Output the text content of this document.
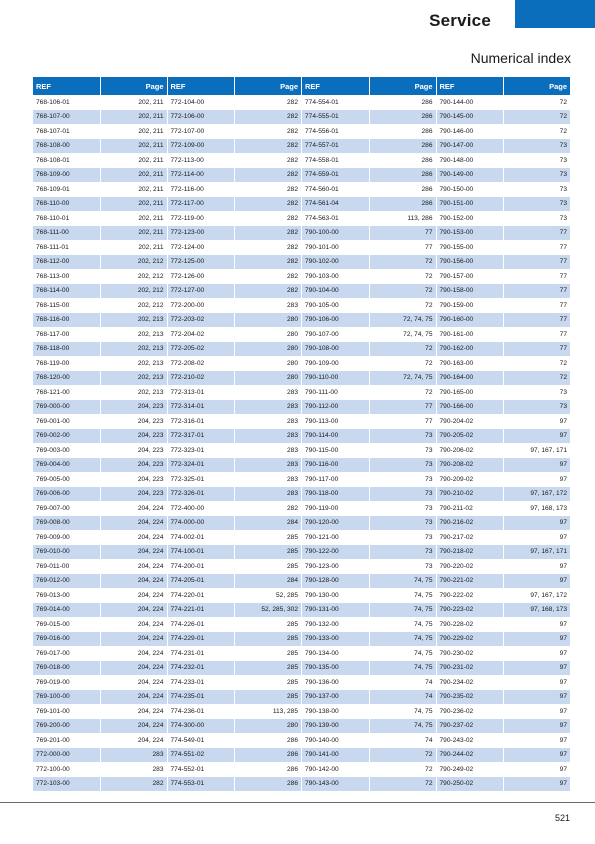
Service
Numerical index
REF	Page
768-106-01	202, 211
768-107-00	202, 211
768-107-01	202, 211
768-108-00	202, 211
768-108-01	202, 211
768-109-00	202, 211
768-109-01	202, 211
768-110-00	202, 211
768-110-01	202, 211
768-111-00	202, 211
768-111-01	202, 211
768-112-00	202, 212
768-113-00	202, 212
768-114-00	202, 212
768-115-00	202, 212
768-116-00	202, 213
768-117-00	202, 213
768-118-00	202, 213
768-119-00	202, 213
768-120-00	202, 213
768-121-00	202, 213
769-000-00	204, 223
769-001-00	204, 223
769-002-00	204, 223
769-003-00	204, 223
769-004-00	204, 223
769-005-00	204, 223
769-006-00	204, 223
769-007-00	204, 224
769-008-00	204, 224
769-009-00	204, 224
769-010-00	204, 224
769-011-00	204, 224
769-012-00	204, 224
769-013-00	204, 224
769-014-00	204, 224
769-015-00	204, 224
769-016-00	204, 224
769-017-00	204, 224
769-018-00	204, 224
769-019-00	204, 224
769-100-00	204, 224
769-101-00	204, 224
769-200-00	204, 224
769-201-00	204, 224
772-000-00	283
772-100-00	283
772-103-00	282
REF	Page
772-104-00	282
772-106-00	282
772-107-00	282
772-109-00	282
772-113-00	282
772-114-00	282
772-116-00	282
772-117-00	282
772-119-00	282
772-123-00	282
772-124-00	282
772-125-00	282
772-126-00	282
772-127-00	282
772-200-00	283
772-203-02	280
772-204-02	280
772-205-02	280
772-208-02	280
772-210-02	280
772-313-01	283
772-314-01	283
772-316-01	283
772-317-01	283
772-323-01	283
772-324-01	283
772-325-01	283
772-326-01	283
772-400-00	282
774-000-00	284
774-002-01	285
774-100-01	285
774-200-01	285
774-205-01	284
774-220-01	52, 285
774-221-01	52, 285, 302
774-226-01	285
774-229-01	285
774-231-01	285
774-232-01	285
774-233-01	285
774-235-01	285
774-236-01	113, 285
774-300-00	280
774-549-01	286
774-551-02	286
774-552-01	286
774-553-01	286
REF	Page
774-554-01	286
774-555-01	286
774-556-01	286
774-557-01	286
774-558-01	286
774-559-01	286
774-560-01	286
774-561-04	286
774-563-01	113, 286
790-100-00	77
790-101-00	77
790-102-00	72
790-103-00	72
790-104-00	72
790-105-00	72
790-106-00	72, 74, 75
790-107-00	72, 74, 75
790-108-00	72
790-109-00	72
790-110-00	72, 74, 75
790-111-00	72
790-112-00	77
790-113-00	77
790-114-00	73
790-115-00	73
790-116-00	73
790-117-00	73
790-118-00	73
790-119-00	73
790-120-00	73
790-121-00	73
790-122-00	73
790-123-00	73
790-128-00	74, 75
790-130-00	74, 75
790-131-00	74, 75
790-132-00	74, 75
790-133-00	74, 75
790-134-00	74, 75
790-135-00	74, 75
790-136-00	74
790-137-00	74
790-138-00	74, 75
790-139-00	74, 75
790-140-00	74
790-141-00	72
790-142-00	72
790-143-00	72
REF	Page
790-144-00	72
790-145-00	72
790-146-00	72
790-147-00	73
790-148-00	73
790-149-00	73
790-150-00	73
790-151-00	73
790-152-00	73
790-153-00	77
790-155-00	77
790-156-00	77
790-157-00	77
790-158-00	77
790-159-00	77
790-160-00	77
790-161-00	77
790-162-00	77
790-163-00	72
790-164-00	72
790-165-00	73
790-166-00	73
790-204-02	97
790-205-02	97
790-206-02	97, 167, 171
790-208-02	97
790-209-02	97
790-210-02	97, 167, 172
790-211-02	97, 168, 173
790-216-02	97
790-217-02	97
790-218-02	97, 167, 171
790-220-02	97
790-221-02	97
790-222-02	97, 167, 172
790-223-02	97, 168, 173
790-228-02	97
790-229-02	97
790-230-02	97
790-231-02	97
790-234-02	97
790-235-02	97
790-236-02	97
790-237-02	97
790-243-02	97
790-244-02	97
790-249-02	97
790-250-02	97
521
